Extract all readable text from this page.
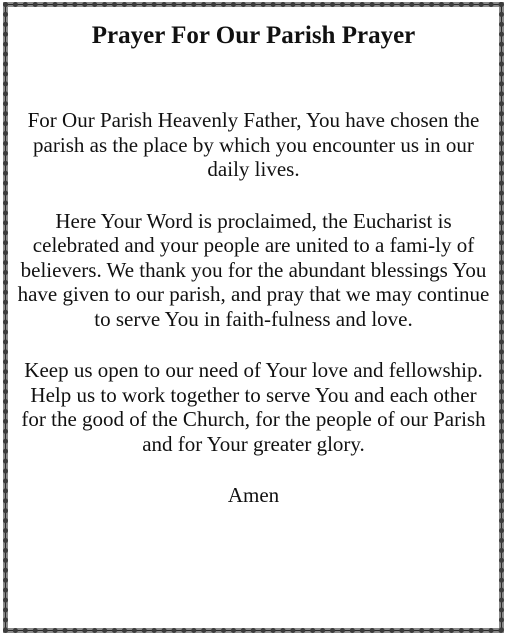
Prayer For Our Parish Prayer

For Our Parish Heavenly Father, You have chosen the parish as the place by which you encounter us in our daily lives.

Here Your Word is proclaimed, the Eucharist is celebrated and your people are united to a fami-ly of believers. We thank you for the abundant blessings You have given to our parish, and pray that we may continue to serve You in faith-fulness and love.

Keep us open to our need of Your love and fellowship. Help us to work together to serve You and each other for the good of the Church, for the people of our Parish and for Your greater glory.

Amen
